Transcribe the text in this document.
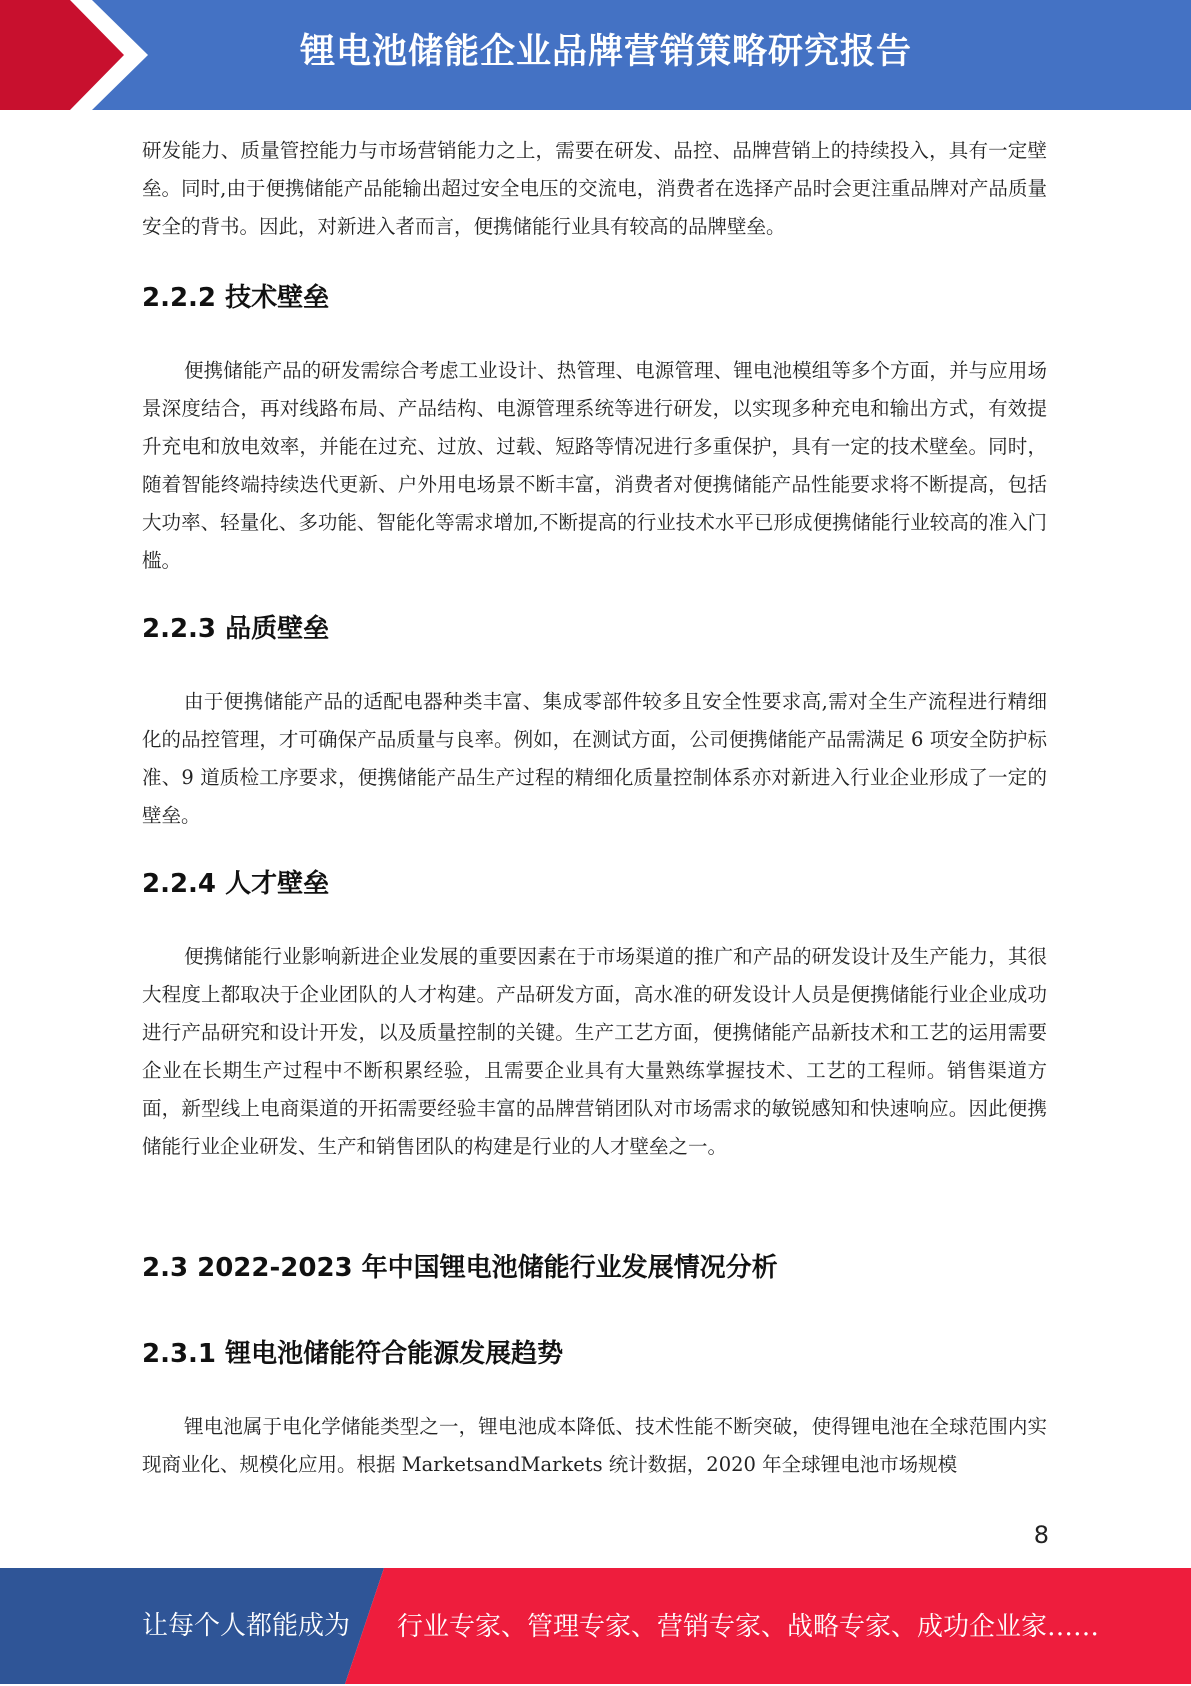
锂电池储能企业品牌营销策略研究报告

研发能力、质量管控能力与市场营销能力之上，需要在研发、品控、品牌营销上的持续投入，具有一定壁垒。同时,由于便携储能产品能输出超过安全电压的交流电，消费者在选择产品时会更注重品牌对产品质量安全的背书。因此，对新进入者而言，便携储能行业具有较高的品牌壁垒。

2.2.2 技术壁垒

便携储能产品的研发需综合考虑工业设计、热管理、电源管理、锂电池模组等多个方面，并与应用场景深度结合，再对线路布局、产品结构、电源管理系统等进行研发，以实现多种充电和输出方式，有效提升充电和放电效率，并能在过充、过放、过载、短路等情况进行多重保护，具有一定的技术壁垒。同时，随着智能终端持续迭代更新、户外用电场景不断丰富，消费者对便携储能产品性能要求将不断提高，包括大功率、轻量化、多功能、智能化等需求增加,不断提高的行业技术水平已形成便携储能行业较高的准入门槛。

2.2.3 品质壁垒

由于便携储能产品的适配电器种类丰富、集成零部件较多且安全性要求高,需对全生产流程进行精细化的品控管理，才可确保产品质量与良率。例如，在测试方面，公司便携储能产品需满足 6 项安全防护标准、9 道质检工序要求，便携储能产品生产过程的精细化质量控制体系亦对新进入行业企业形成了一定的壁垒。

2.2.4 人才壁垒

便携储能行业影响新进企业发展的重要因素在于市场渠道的推广和产品的研发设计及生产能力，其很大程度上都取决于企业团队的人才构建。产品研发方面，高水准的研发设计人员是便携储能行业企业成功进行产品研究和设计开发，以及质量控制的关键。生产工艺方面，便携储能产品新技术和工艺的运用需要企业在长期生产过程中不断积累经验，且需要企业具有大量熟练掌握技术、工艺的工程师。销售渠道方面，新型线上电商渠道的开拓需要经验丰富的品牌营销团队对市场需求的敏锐感知和快速响应。因此便携储能行业企业研发、生产和销售团队的构建是行业的人才壁垒之一。

2.3 2022-2023 年中国锂电池储能行业发展情况分析
2.3.1 锂电池储能符合能源发展趋势

锂电池属于电化学储能类型之一，锂电池成本降低、技术性能不断突破，使得锂电池在全球范围内实现商业化、规模化应用。根据 MarketsandMarkets 统计数据，2020 年全球锂电池市场规模

8
让每个人都能成为 行业专家、管理专家、营销专家、战略专家、成功企业家……
